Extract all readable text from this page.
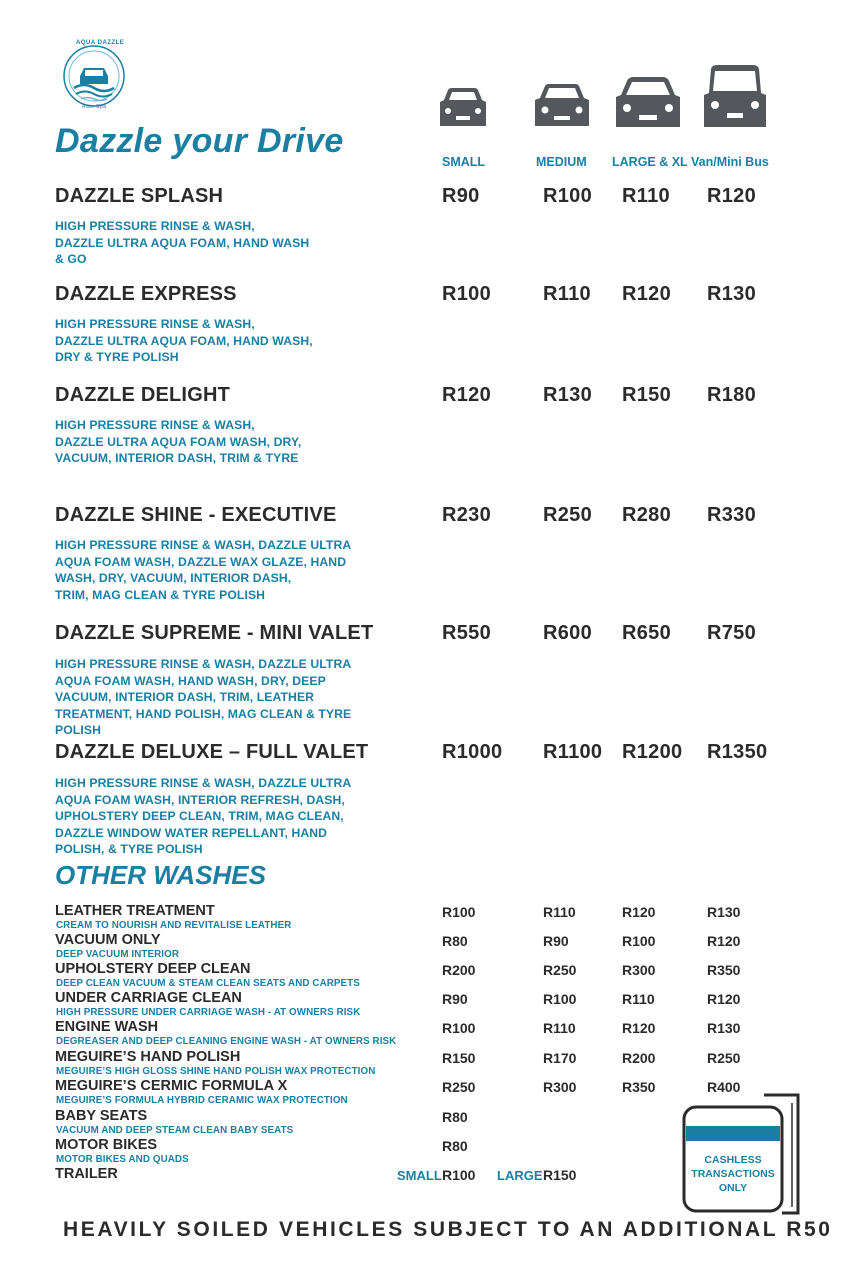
AQUA DAZZLE
Auto Spa
Dazzle your Drive
SMALL	MEDIUM LARGE & XL Van/Mini Bus
DAZZLE SPLASH	R90	R100 R110 R120
HIGH PRESSURE RINSE & WASH,
DAZZLE ULTRA AQUA FOAM, HAND WASH
& GO
DAZZLE EXPRESS	R100	R110 R120 R130
HIGH PRESSURE RINSE & WASH,
DAZZLE ULTRA AQUA FOAM, HAND WASH,
DRY & TYRE POLISH
DAZZLE DELIGHT	R120	R130 R150 R180
HIGH PRESSURE RINSE & WASH,
DAZZLE ULTRA AQUA FOAM WASH, DRY,
VACUUM, INTERIOR DASH, TRIM & TYRE
DAZZLE SHINE - EXECUTIVE	R230	R250 R280 R330
HIGH PRESSURE RINSE & WASH, DAZZLE ULTRA
AQUA FOAM WASH, DAZZLE WAX GLAZE, HAND
WASH, DRY, VACUUM, INTERIOR DASH,
TRIM, MAG CLEAN & TYRE POLISH
DAZZLE SUPREME - MINI VALET	R550	R600 R650 R750
HIGH PRESSURE RINSE & WASH, DAZZLE ULTRA
AQUA FOAM WASH, HAND WASH, DRY, DEEP
VACUUM, INTERIOR DASH, TRIM, LEATHER
TREATMENT, HAND POLISH, MAG CLEAN & TYRE
POLISH
DAZZLE DELUXE – FULL VALET	R1000 R1100 R1200 R1350
HIGH PRESSURE RINSE & WASH, DAZZLE ULTRA
AQUA FOAM WASH, INTERIOR REFRESH, DASH,
UPHOLSTERY DEEP CLEAN, TRIM, MAG CLEAN,
DAZZLE WINDOW WATER REPELLANT, HAND
POLISH, & TYRE POLISH
OTHER WASHES
LEATHER TREATMENT
CREAM TO NOURISH AND REVITALISE LEATHER
R100	R110	R120	R130
VACUUM ONLY
DEEP VACUUM INTERIOR
R80	R90	R100	R120
UPHOLSTERY DEEP CLEAN
DEEP CLEAN VACUUM & STEAM CLEAN SEATS AND CARPETS
R200	R250	R300	R350
UNDER CARRIAGE CLEAN
HIGH PRESSURE UNDER CARRIAGE WASH - AT OWNERS RISK
R90	R100	R110	R120
ENGINE WASH
DEGREASER AND DEEP CLEANING ENGINE WASH - AT OWNERS RISK
R100	R110	R120	R130
MEGUIRE’S HAND POLISH
MEGUIRE’S HIGH GLOSS SHINE HAND POLISH WAX PROTECTION
R150	R170	R200	R250
MEGUIRE’S CERMIC FORMULA X
MEGUIRE’S FORMULA HYBRID CERAMIC WAX PROTECTION
R250	R300	R350	R400
BABY SEATS
VACUUM AND DEEP STEAM CLEAN BABY SEATS
R80
MOTOR BIKES
MOTOR BIKES AND QUADS
R80
TRAILER	SMALL R100 LARGE R150
CASHLESS TRANSACTIONS ONLY
HEAVILY SOILED VEHICLES SUBJECT TO AN ADDITIONAL R50
